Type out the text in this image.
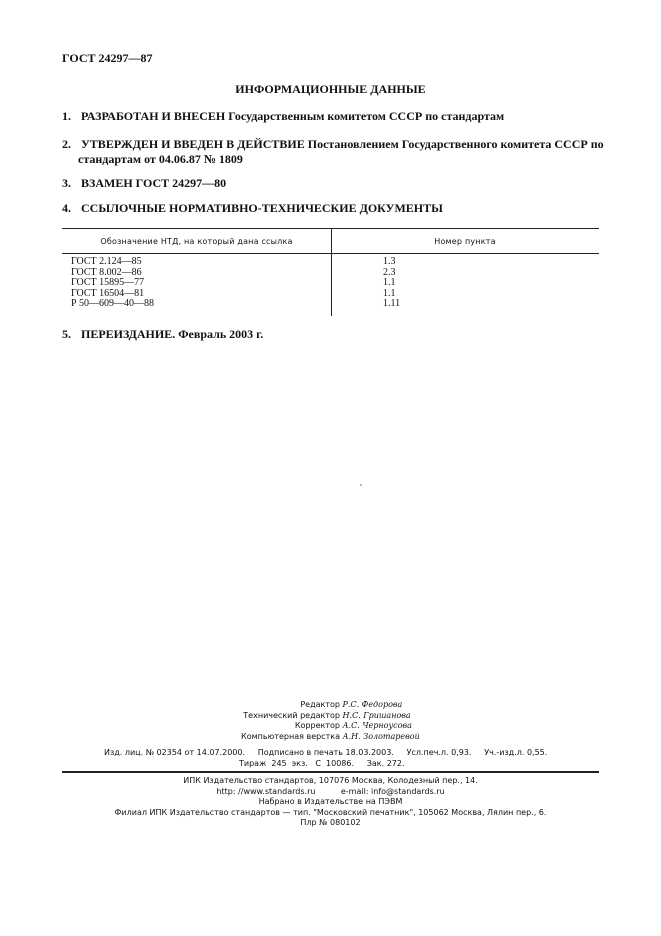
ГОСТ 24297—87
ИНФОРМАЦИОННЫЕ ДАННЫЕ
1. РАЗРАБОТАН И ВНЕСЕН Государственным комитетом СССР по стандартам
2. УТВЕРЖДЕН И ВВЕДЕН В ДЕЙСТВИЕ Постановлением Государственного комитета СССР по
стандартам от 04.06.87 № 1809
3. ВЗАМЕН ГОСТ 24297—80
4. ССЫЛОЧНЫЕ НОРМАТИВНО-ТЕХНИЧЕСКИЕ ДОКУМЕНТЫ
Обозначение НТД, на который дана ссылка	Номер пункта
ГОСТ 2.124—85
ГОСТ 8.002—86
ГОСТ 15895—77
ГОСТ 16504—81
Р 50—609—40—88
1.3
2.3
1.1
1.1
1.11
5. ПЕРЕИЗДАНИЕ. Февраль 2003 г.
Редактор Р.С. Федорова
Технический редактор Н.С. Гришанова
Корректор А.С. Черноусова
Компьютерная верстка А.Н. Золотаревой
Изд. лиц. № 02354 от 14.07.2000.     Подписано в печать 18.03.2003.     Усл.печ.л. 0,93.     Уч.-изд.л. 0,55.
Тираж  245  экз.   С  10086.     Зак. 272.
ИПК Издательство стандартов, 107076 Москва, Колодезный пер., 14.
http: //www.standards.ru          e-mail: info@standards.ru
Набрано в Издательстве на ПЭВМ
Филиал ИПК Издательство стандартов — тип. "Московский печатник", 105062 Москва, Лялин пер., 6.
Плр № 080102
